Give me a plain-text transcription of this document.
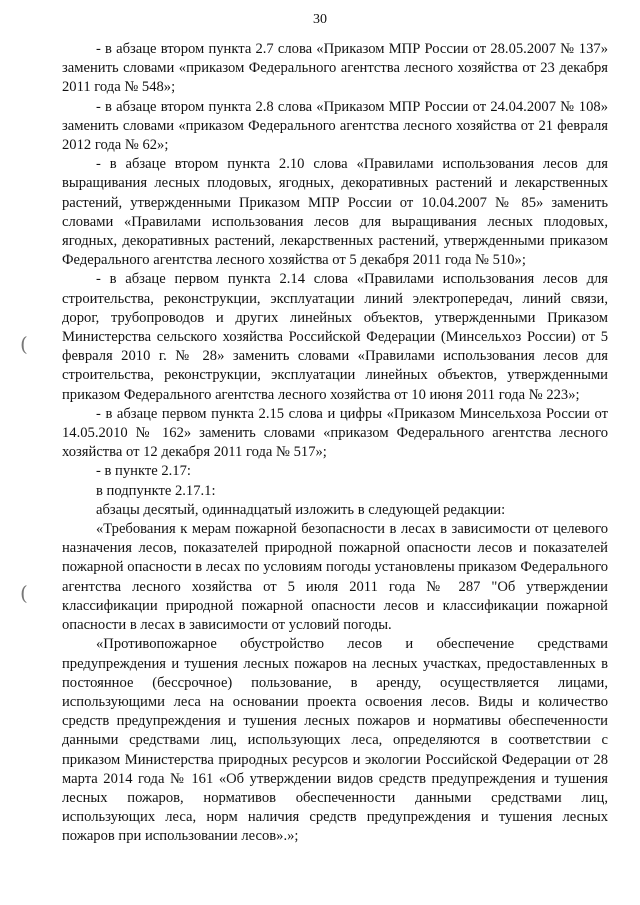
30
(
(

- в абзаце втором пункта 2.7 слова «Приказом МПР России от 28.05.2007 № 137» заменить словами «приказом Федерального агентства лесного хозяйства от 23 декабря 2011 года № 548»;

- в абзаце втором пункта 2.8 слова «Приказом МПР России от 24.04.2007 № 108» заменить словами «приказом Федерального агентства лесного хозяйства от 21 февраля 2012 года № 62»;

- в абзаце втором пункта 2.10 слова «Правилами использования лесов для выращивания лесных плодовых, ягодных, декоративных растений и лекарственных растений, утвержденными Приказом МПР России от 10.04.2007 № 85» заменить словами «Правилами использования лесов для выращивания лесных плодовых, ягодных, декоративных растений, лекарственных растений, утвержденными приказом Федерального агентства лесного хозяйства от 5 декабря 2011 года № 510»;

- в абзаце первом пункта 2.14 слова «Правилами использования лесов для строительства, реконструкции, эксплуатации линий электропередач, линий связи, дорог, трубопроводов и других линейных объектов, утвержденными Приказом Министерства сельского хозяйства Российской Федерации (Минсельхоз России) от 5 февраля 2010 г. № 28» заменить словами «Правилами использования лесов для строительства, реконструкции, эксплуатации линейных объектов, утвержденными приказом Федерального агентства лесного хозяйства от 10 июня 2011 года № 223»;

- в абзаце первом пункта 2.15 слова и цифры «Приказом Минсельхоза России от 14.05.2010 № 162» заменить словами «приказом Федерального агентства лесного хозяйства от 12 декабря 2011 года № 517»;

- в пункте 2.17:

в подпункте 2.17.1:

абзацы десятый, одиннадцатый изложить в следующей редакции:

«Требования к мерам пожарной безопасности в лесах в зависимости от целевого назначения лесов, показателей природной пожарной опасности лесов и показателей пожарной опасности в лесах по условиям погоды установлены приказом Федерального агентства лесного хозяйства от 5 июля 2011 года № 287 "Об утверждении классификации природной пожарной опасности лесов и классификации пожарной опасности в лесах в зависимости от условий погоды.

«Противопожарное обустройство лесов и обеспечение средствами предупреждения и тушения лесных пожаров на лесных участках, предоставленных в постоянное (бессрочное) пользование, в аренду, осуществляется лицами, использующими леса на основании проекта освоения лесов. Виды и количество средств предупреждения и тушения лесных пожаров и нормативы обеспеченности данными средствами лиц, использующих леса, определяются в соответствии с приказом Министерства природных ресурсов и экологии Российской Федерации от 28 марта 2014 года № 161 «Об утверждении видов средств предупреждения и тушения лесных пожаров, нормативов обеспеченности данными средствами лиц, использующих леса, норм наличия средств предупреждения и тушения лесных пожаров при использовании лесов».»;
